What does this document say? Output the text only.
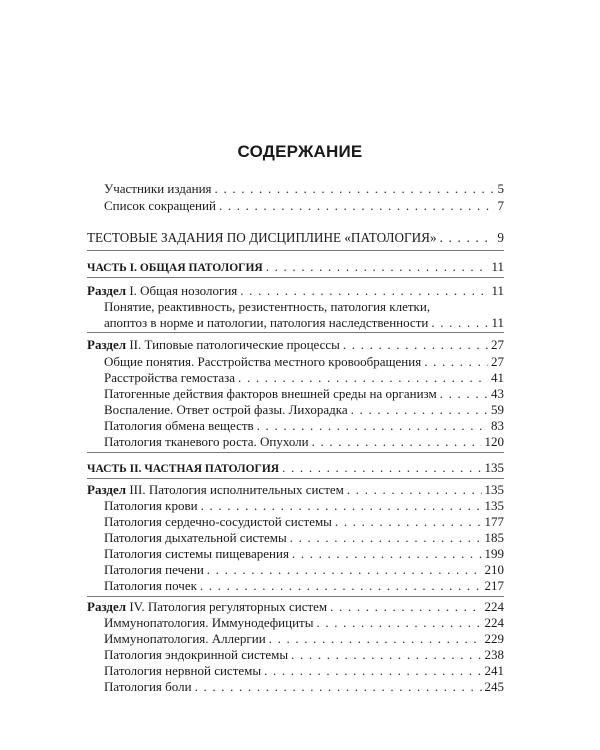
СОДЕРЖАНИЕ
Участники издания . . .	5
Список сокращений . . .	7
ТЕСТОВЫЕ ЗАДАНИЯ ПО ДИСЦИПЛИНЕ «ПАТОЛОГИЯ» . . .	9
ЧАСТЬ I. ОБЩАЯ ПАТОЛОГИЯ . . .	11
Раздел I. Общая нозология . . .	11
Понятие, реактивность, резистентность, патология клетки,
апоптоз в норме и патологии, патология наследственности . . .	11
Раздел II. Типовые патологические процессы . . .	27
Общие понятия. Расстройства местного кровообращения . . .	27
Расстройства гемостаза . . .	41
Патогенные действия факторов внешней среды на организм . . .	43
Воспаление. Ответ острой фазы. Лихорадка . . .	59
Патология обмена веществ . . .	83
Патология тканевого роста. Опухоли . . .	120
ЧАСТЬ II. ЧАСТНАЯ ПАТОЛОГИЯ . . .	135
Раздел III. Патология исполнительных систем . . .	135
Патология крови . . .	135
Патология сердечно-сосудистой системы . . .	177
Патология дыхательной системы . . .	185
Патология системы пищеварения . . .	199
Патология печени . . .	210
Патология почек . . .	217
Раздел IV. Патология регуляторных систем . . .	224
Иммунопатология. Иммунодефициты . . .	224
Иммунопатология. Аллергии . . .	229
Патология эндокринной системы . . .	238
Патология нервной системы . . .	241
Патология боли . . .	245
